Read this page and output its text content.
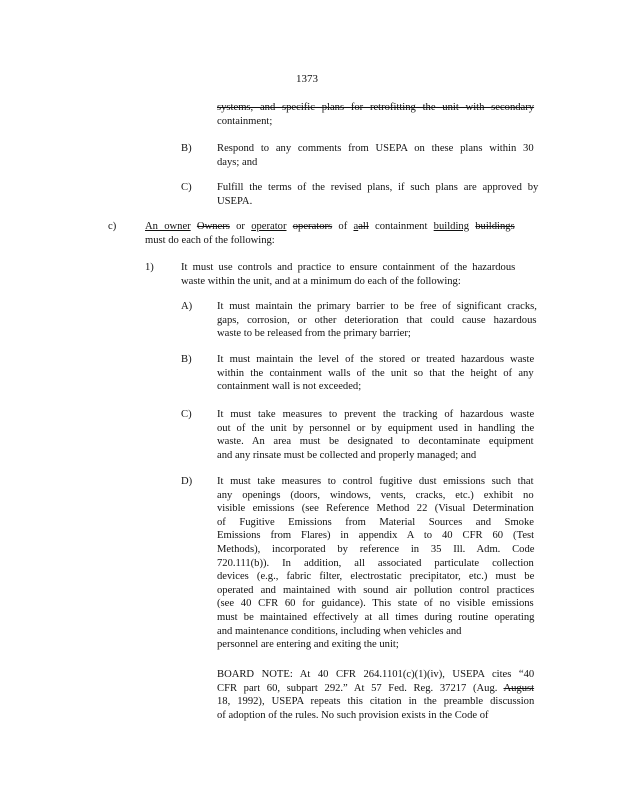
1373
systems, and specific plans for retrofitting the unit with secondary
containment;
B) Respond to any comments from USEPA on these plans within 30
days; and
C) Fulfill the terms of the revised plans, if such plans are approved by
USEPA.
c)	An owner Owners or operator operators of aall containment building buildings
must do each of the following:
1)	It must use controls and practice to ensure containment of the hazardous
waste within the unit, and at a minimum do each of the following:
A) It must maintain the primary barrier to be free of significant cracks,
gaps, corrosion, or other deterioration that could cause hazardous
waste to be released from the primary barrier;
B) It must maintain the level of the stored or treated hazardous waste
within the containment walls of the unit so that the height of any
containment wall is not exceeded;
C) It must take measures to prevent the tracking of hazardous waste
out of the unit by personnel or by equipment used in handling the
waste. An area must be designated to decontaminate equipment
and any rinsate must be collected and properly managed; and
D) It must take measures to control fugitive dust emissions such that
any openings (doors, windows, vents, cracks, etc.) exhibit no
visible emissions (see Reference Method 22 (Visual Determination
of Fugitive Emissions from Material Sources and Smoke
Emissions from Flares) in appendix A to 40 CFR 60 (Test
Methods), incorporated by reference in 35 Ill. Adm. Code
720.111(b)). In addition, all associated particulate collection
devices (e.g., fabric filter, electrostatic precipitator, etc.) must be
operated and maintained with sound air pollution control practices
(see 40 CFR 60 for guidance). This state of no visible emissions
must be maintained effectively at all times during routine operating
and maintenance conditions, including when vehicles and
personnel are entering and exiting the unit;
BOARD NOTE: At 40 CFR 264.1101(c)(1)(iv), USEPA cites “40
CFR part 60, subpart 292.” At 57 Fed. Reg. 37217 (Aug. August
18, 1992), USEPA repeats this citation in the preamble discussion
of adoption of the rules. No such provision exists in the Code of
